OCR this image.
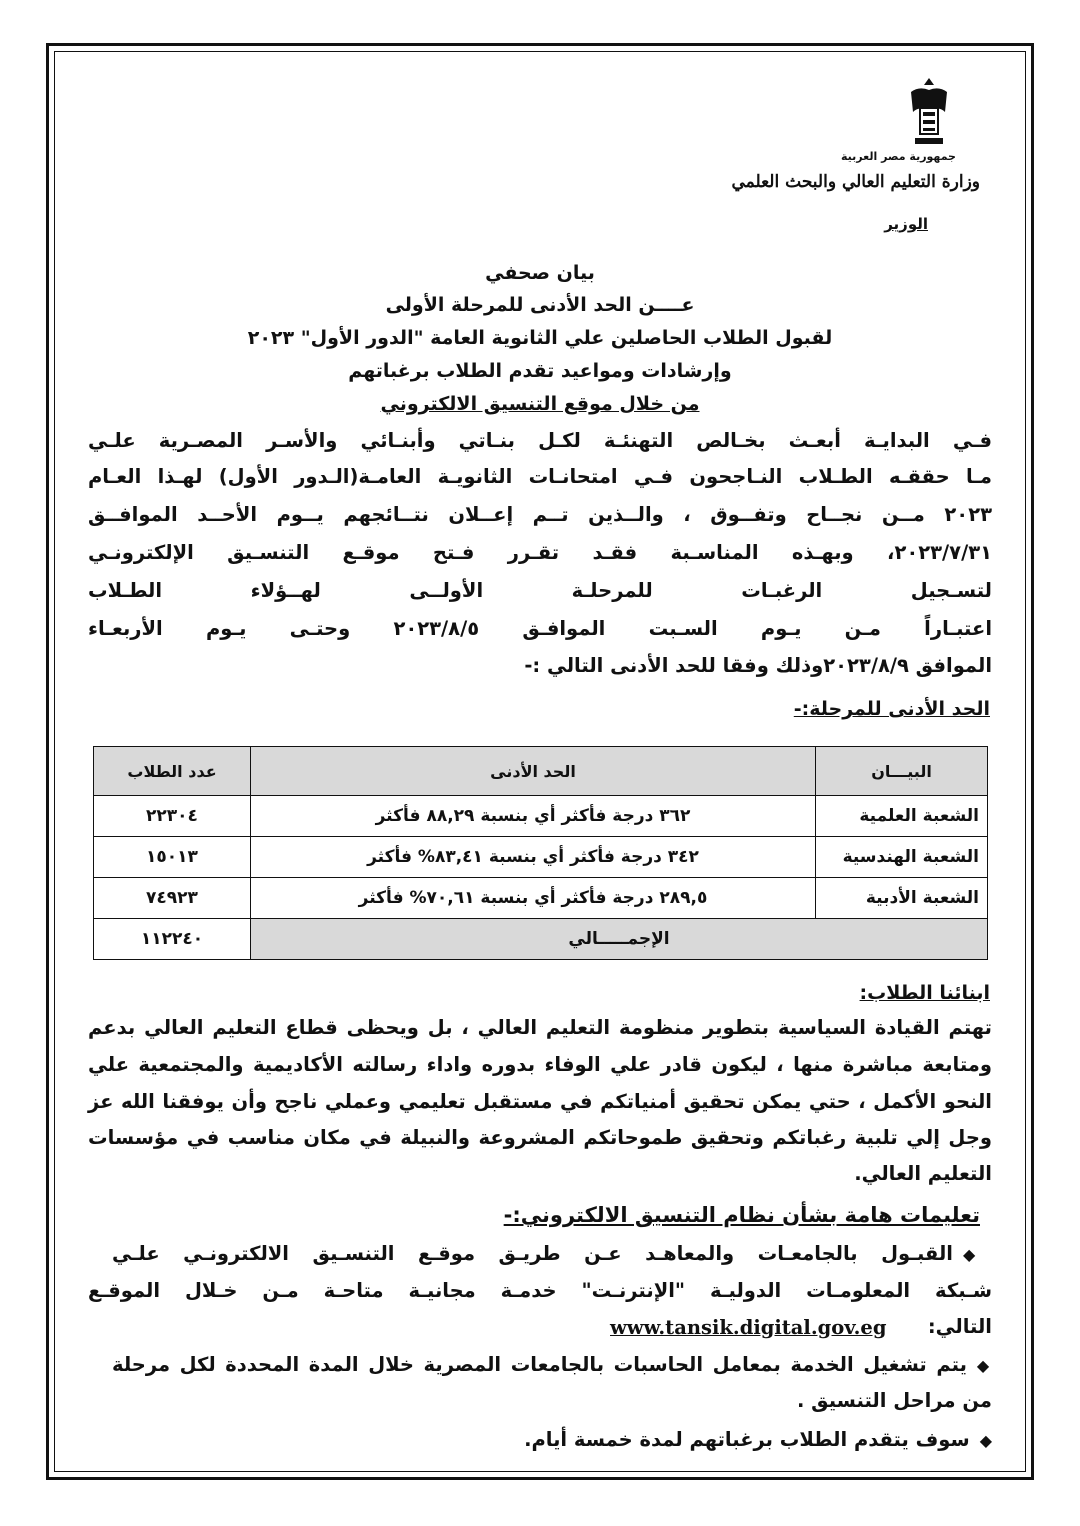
جمهورية مصر العربية
وزارة التعليم العالي والبحث العلمي
الوزير
بيان صحفي
عــــن الحد الأدنى للمرحلة الأولى
لقبول الطلاب الحاصلين علي الثانوية العامة "الدور الأول" ٢٠٢٣
وإرشادات ومواعيد تقدم الطلاب برغباتهم
من خلال موقع التنسيق الالكتروني
فـي البدايـة أبعـث بخـالص التهنئـة لكـل بنـاتي وأبنـائي والأسـر المصـرية علـي
مـا حققـه الطـلاب النـاجحون فـي امتحانـات الثانويـة العامـة(الـدور الأول) لهـذا العـام
٢٠٢٣ مــن نجــاح وتفــوق ، والــذين تــم إعــلان نتــائجهم يــوم الأحــد الموافــق
٢٠٢٣/٧/٣١، وبهـذه المناسـبة فقـد تقـرر فـتح موقـع التنسـيق الإلكترونـي
لتسـجيل الرغبـات للمرحلـة الأولــى لهــؤلاء الطـلاب
اعتبـاراً مـن يـوم السـبت الموافـق ٢٠٢٣/٨/٥ وحتـى يـوم الأربعـاء
الموافق ٢٠٢٣/٨/٩وذلك وفقا للحد الأدنى التالي :-
الحد الأدنى للمرحلة:-
البيـــان	الحد الأدنى	عدد الطلاب
الشعبة العلمية	٣٦٢ درجة فأكثر أي بنسبة ٨٨,٢٩ فأكثر	٢٢٣٠٤
الشعبة الهندسية	٣٤٢ درجة فأكثر أي بنسبة ٨٣,٤١% فأكثر	١٥٠١٣
الشعبة الأدبية	٢٨٩,٥ درجة فأكثر أي بنسبة ٧٠,٦١% فأكثر	٧٤٩٢٣
الإجمـــــالي		١١٢٢٤٠
ابنائنا الطلاب:
تهتم القيادة السياسية بتطوير منظومة التعليم العالي ، بل ويحظى قطاع التعليم العالي بدعم
ومتابعة مباشرة منها ، ليكون قادر علي الوفاء بدوره واداء رسالته الأكاديمية والمجتمعية علي
النحو الأكمل ، حتي يمكن تحقيق أمنياتكم في مستقبل تعليمي وعملي ناجح وأن يوفقنا الله عز
وجل إلي تلبية رغباتكم وتحقيق طموحاتكم المشروعة والنبيلة في مكان مناسب في مؤسسات
التعليم العالي.
تعليمات هامة بشأن نظام التنسيق الالكتروني:-
◆القبـول بالجامعـات والمعاهـد عـن طريـق موقـع التنسـيق الالكترونـي علـي
شـبكة المعلومـات الدوليـة "الإنترنـت" خدمـة مجانيـة متاحـة مـن خـلال الموقـع
التالي:
www.tansik.digital.gov.eg
◆يتم تشغيل الخدمة بمعامل الحاسبات بالجامعات المصرية خلال المدة المحددة لكل مرحلة
من مراحل التنسيق .
◆سوف يتقدم الطلاب برغباتهم لمدة خمسة أيام.
